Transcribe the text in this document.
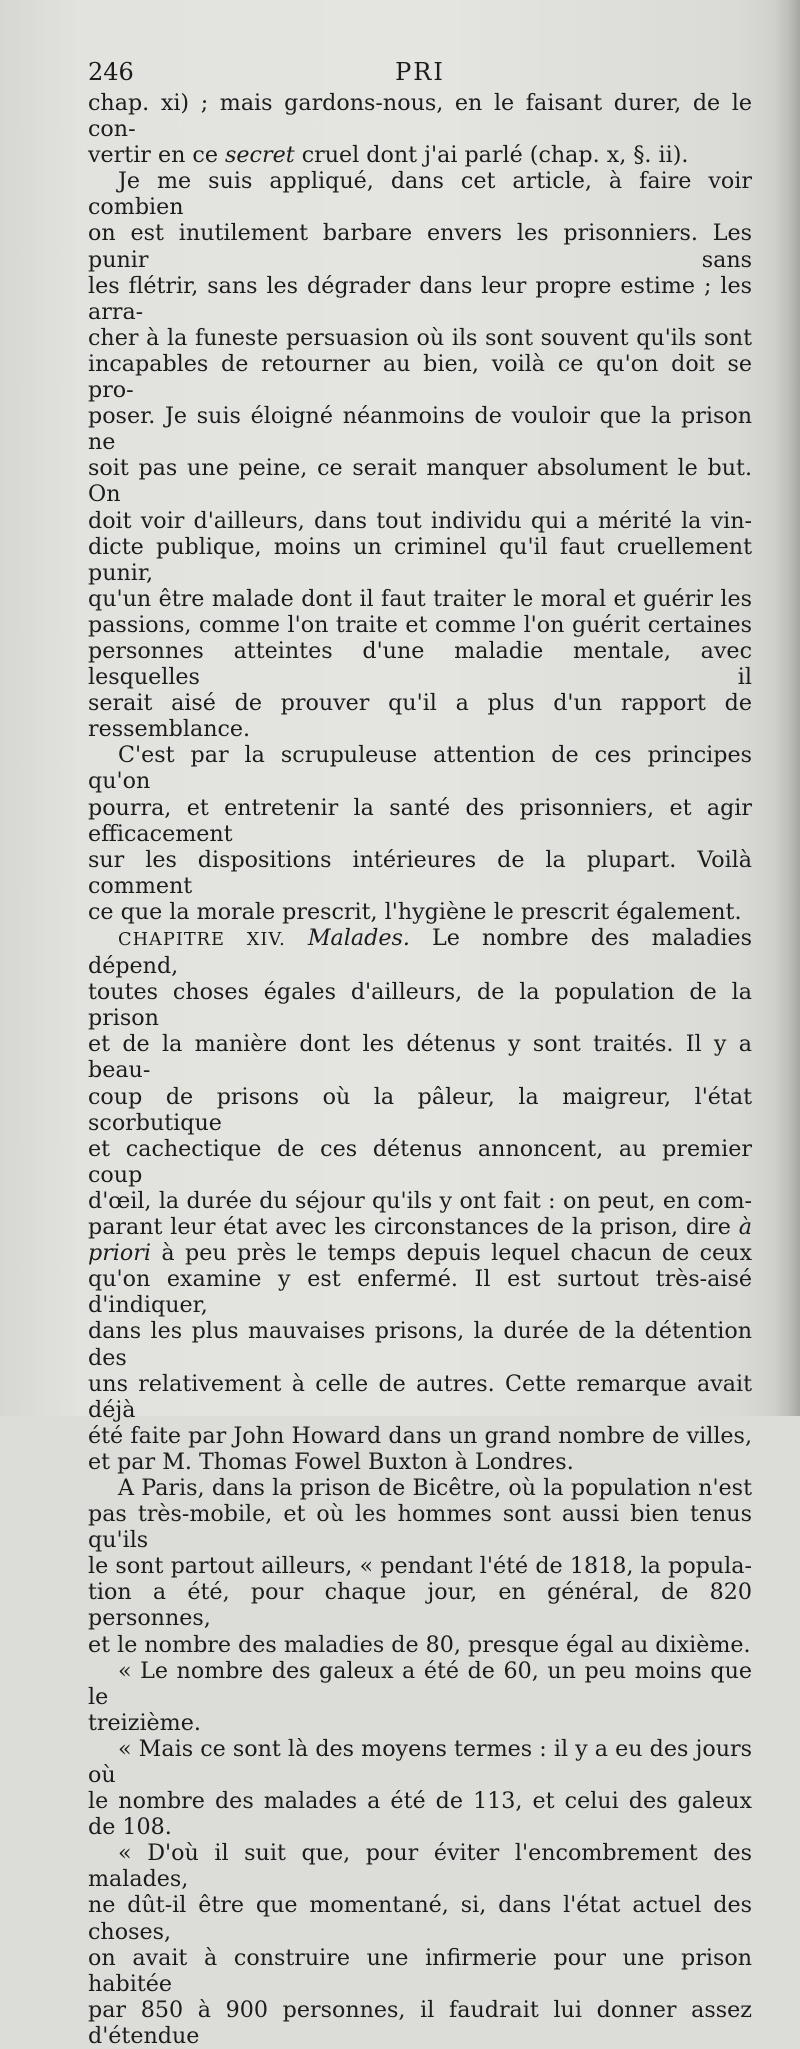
246	PRI

chap. xi) ; mais gardons-nous, en le faisant durer, de le con-

vertir en ce secret cruel dont j'ai parlé (chap. x, §. ii).

Je me suis appliqué, dans cet article, à faire voir combien

on est inutilement barbare envers les prisonniers. Les punir sans

les flétrir, sans les dégrader dans leur propre estime ; les arra-

cher à la funeste persuasion où ils sont souvent qu'ils sont

incapables de retourner au bien, voilà ce qu'on doit se pro-

poser. Je suis éloigné néanmoins de vouloir que la prison ne

soit pas une peine, ce serait manquer absolument le but. On

doit voir d'ailleurs, dans tout individu qui a mérité la vin-

dicte publique, moins un criminel qu'il faut cruellement punir,

qu'un être malade dont il faut traiter le moral et guérir les

passions, comme l'on traite et comme l'on guérit certaines

personnes atteintes d'une maladie mentale, avec lesquelles il

serait aisé de prouver qu'il a plus d'un rapport de ressemblance.

C'est par la scrupuleuse attention de ces principes qu'on

pourra, et entretenir la santé des prisonniers, et agir efficacement

sur les dispositions intérieures de la plupart. Voilà comment

ce que la morale prescrit, l'hygiène le prescrit également.

CHAPITRE XIV. Malades. Le nombre des maladies dépend,

toutes choses égales d'ailleurs, de la population de la prison

et de la manière dont les détenus y sont traités. Il y a beau-

coup de prisons où la pâleur, la maigreur, l'état scorbutique

et cachectique de ces détenus annoncent, au premier coup

d'œil, la durée du séjour qu'ils y ont fait : on peut, en com-

parant leur état avec les circonstances de la prison, dire à

priori à peu près le temps depuis lequel chacun de ceux

qu'on examine y est enfermé. Il est surtout très-aisé d'indiquer,

dans les plus mauvaises prisons, la durée de la détention des

uns relativement à celle de autres. Cette remarque avait déjà

été faite par John Howard dans un grand nombre de villes,

et par M. Thomas Fowel Buxton à Londres.

A Paris, dans la prison de Bicêtre, où la population n'est

pas très-mobile, et où les hommes sont aussi bien tenus qu'ils

le sont partout ailleurs, « pendant l'été de 1818, la popula-

tion a été, pour chaque jour, en général, de 820 personnes,

et le nombre des maladies de 80, presque égal au dixième.

« Le nombre des galeux a été de 60, un peu moins que le

treizième.

« Mais ce sont là des moyens termes : il y a eu des jours où

le nombre des malades a été de 113, et celui des galeux

de 108.

« D'où il suit que, pour éviter l'encombrement des malades,

ne dût-il être que momentané, si, dans l'état actuel des choses,

on avait à construire une infirmerie pour une prison habitée

par 850 à 900 personnes, il faudrait lui donner assez d'étendue
